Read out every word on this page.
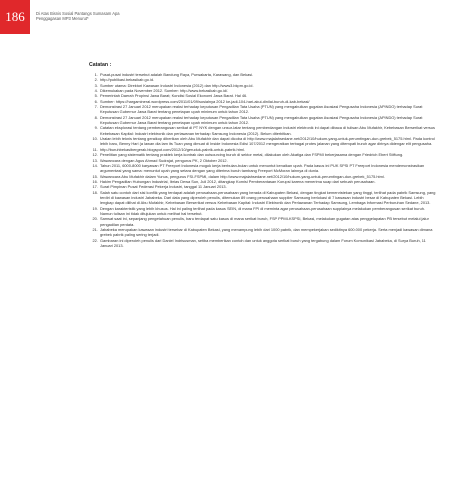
186	Di Atas Bisnis Sosial Pantangs Sumasam Apa
Penggagasan MP3 Menurut*
Catatan :
1. Pusat-pusat industri tersebut adalah Bandung Raya, Purwakarta, Karawang, dan Bekasi.
2. http://publikasi.bekasikab.go.id.
3. Sumber utama: Direktori Kawasan Industri Indonesia (2012) dan http://www3.bkpm.go.id.
4. Dikemukakan pada November 2012. Sumber: http://www.bekasikab.go.id/.
5. Pemerintah Daerah Propinsi Jawa Barat; Kondisi Sosial Ekonomi Jawa Barat. Hal 46.
6. Sumber: https://hargamineral.wordpress.com/2011/01/09/sosialnya 2012 ke-jadi-104-hari-akui-dinilai-buruh-di-kab-bekasi/
7. Demonstrasi 27 Januari 2012 merupakan reaksi terhadap keputusan Pengadilan Tata Usaha (PTUN) yang mengabulkan gugatan Asosiasi Pengusaha Indonesia (APINDO) terhadap Surat Keputusan Gubernur Jawa Barat tentang penetapan upah minimum untuk tahun 2012.
8. Demonstrasi 27 Januari 2012 merupakan reaksi terhadap keputusan Pengadilan Tata Usaha (PTUN) yang mengabulkan gugatan Asosiasi Pengusaha Indonesia (APINDO) terhadap Surat Keputusan Gubernur Jawa Barat tentang penetapan upah minimum untuk tahun 2012.
9. Catatan eksplorasi tentang pemberangusan serikat di PT NYK dengan unsur-latar tentang pemberdangan industri elektronik ini dapat dibaca di tulisan Abu Mufakhir, Kebebasan Berserikat versus Kebebasan Kapital: Industri elektronik dan perlawanan terhadap Samsung Indonesia (2012). Belum diterbitkan.
10. Uraian lebih teknis tentang geraikop diberikan oleh Abu Mufakhir dan dapat dicoba di http://www.majalahsedane.net/2012/10/hukum-yang-untuk-perumtingan-dun-grebek_5175.html. Pada kontrol lebih baru, Benny Hari (a lawan dia lam its Tuan yang dimuat di Inside Indonesia Edisi 107/2012 mengeratkan terbagai protes jalanan yang ditempati buruh agar dirinya didengar elit pengusaha.
11. http://buruhbekasibergerak.blogspot.com/2012/10/geruduk-pabrik-untuk-pabrik.html.
12. Penelitian yang sistematik tentang praktek kerja kontrak dan outsourcing buruh di sektor metal, dilakukan oleh Akatiga dan FSPMI bekerjasama dengan Friedrich Ebert Stiftung.
13. Wawancara dengan Agus Ahmad Sudrajat, pengurus PK, 2 Oktober 2012.
14. Tahun 2011, 6000-8000 karyawan PT Freeport Indonesia mogok kerja berbulan-bulan untuk menuntut kenaikan upah. Pada kasus ini PUK SPSI PT Freeport Indonesia mendemonstrasikan argumentasi yang sama: menuntut upah yang setara dengan yang diterima buruh tambang Freeport McMoran lainnya di dunia.
15. Wawancara Abu Mufakhir dalam Yunus, pengurus FSI-FSPMI, dalam http://www.majalahsedane.net/2012/10/hukum-yang-untuk-perumtingan-dun-grebek_5175.html.
16. Hakim Pengadilan Hubungan Industrial, Ibrias Dewa Sun, Juli 2012, ditangkap Komisi Pemberantasan Korupsi karena menerima suap dari sebuah perusahaan.
17. Surat Pimpinan Pusat Federasi Pekerja Industri, tanggal 11 Januari 2013.
18. Salah satu contoh dari sisi konflik yang terdapat adalah perusahaan-perusahaan yang berada di Kabupaten Bekasi, dengan tingkat kemenristekan yang tinggi, terlihat pada pabrik Samsung, yang terdiri di kawasan industri Jababeka. Dari data yang diperoleh penulis, ditemukan 89 orang perusahaan supplier Samsung berlokasi di 7 kawasan industri besar di Kabupaten Bekasi. Lebih lengkap dapat dilihat di Abu Mufakhir, Kebebasan Berserikat versus Kebebasan Kapital: Industri Elektronik dan Perlawanan Terhadap Samsung, Lembaga Informasi Perburuhan Sedane, 2013.
19. Dengan karakteristik yang lebih khusus. Hal ini paling terlihat pada kasus SEIN, di mana FPI di meminta agar perusahaan-perusahaan supplainya melakukan pemberangusan serikat buruh. Namun tulisan ini tidak ditujukan untuk melihat hal tersebut.
20. Samsat saat ini, sepanjang pengetahuan penulis, baru terdapat satu kasus di mana serikat buruh, FSP PPMI-KSPSI, Bekasi, melakukan gugatan atas penggelapatan PB tersebut melalui jalur pengadilan perdata.
21. Jababeka merupakan kawasan industri tersebar di Kabupaten Bekasi, yang menampung lebih dari 1000 pabrik, dan mempekerjakan sedikitnya 600.000 pekerja. Serta menjadi kawasan dimana grebek pabrik paling sering terjadi.
22. Gambaran ini diperoleh penulis dari Daniel Indrisusman, setiba memberikan contoh dan untuk anggota serikat buruh yang tergabung dalam Forum Komunikasi Jababeka, di Surya Buruh, 11 Januari 2013.
